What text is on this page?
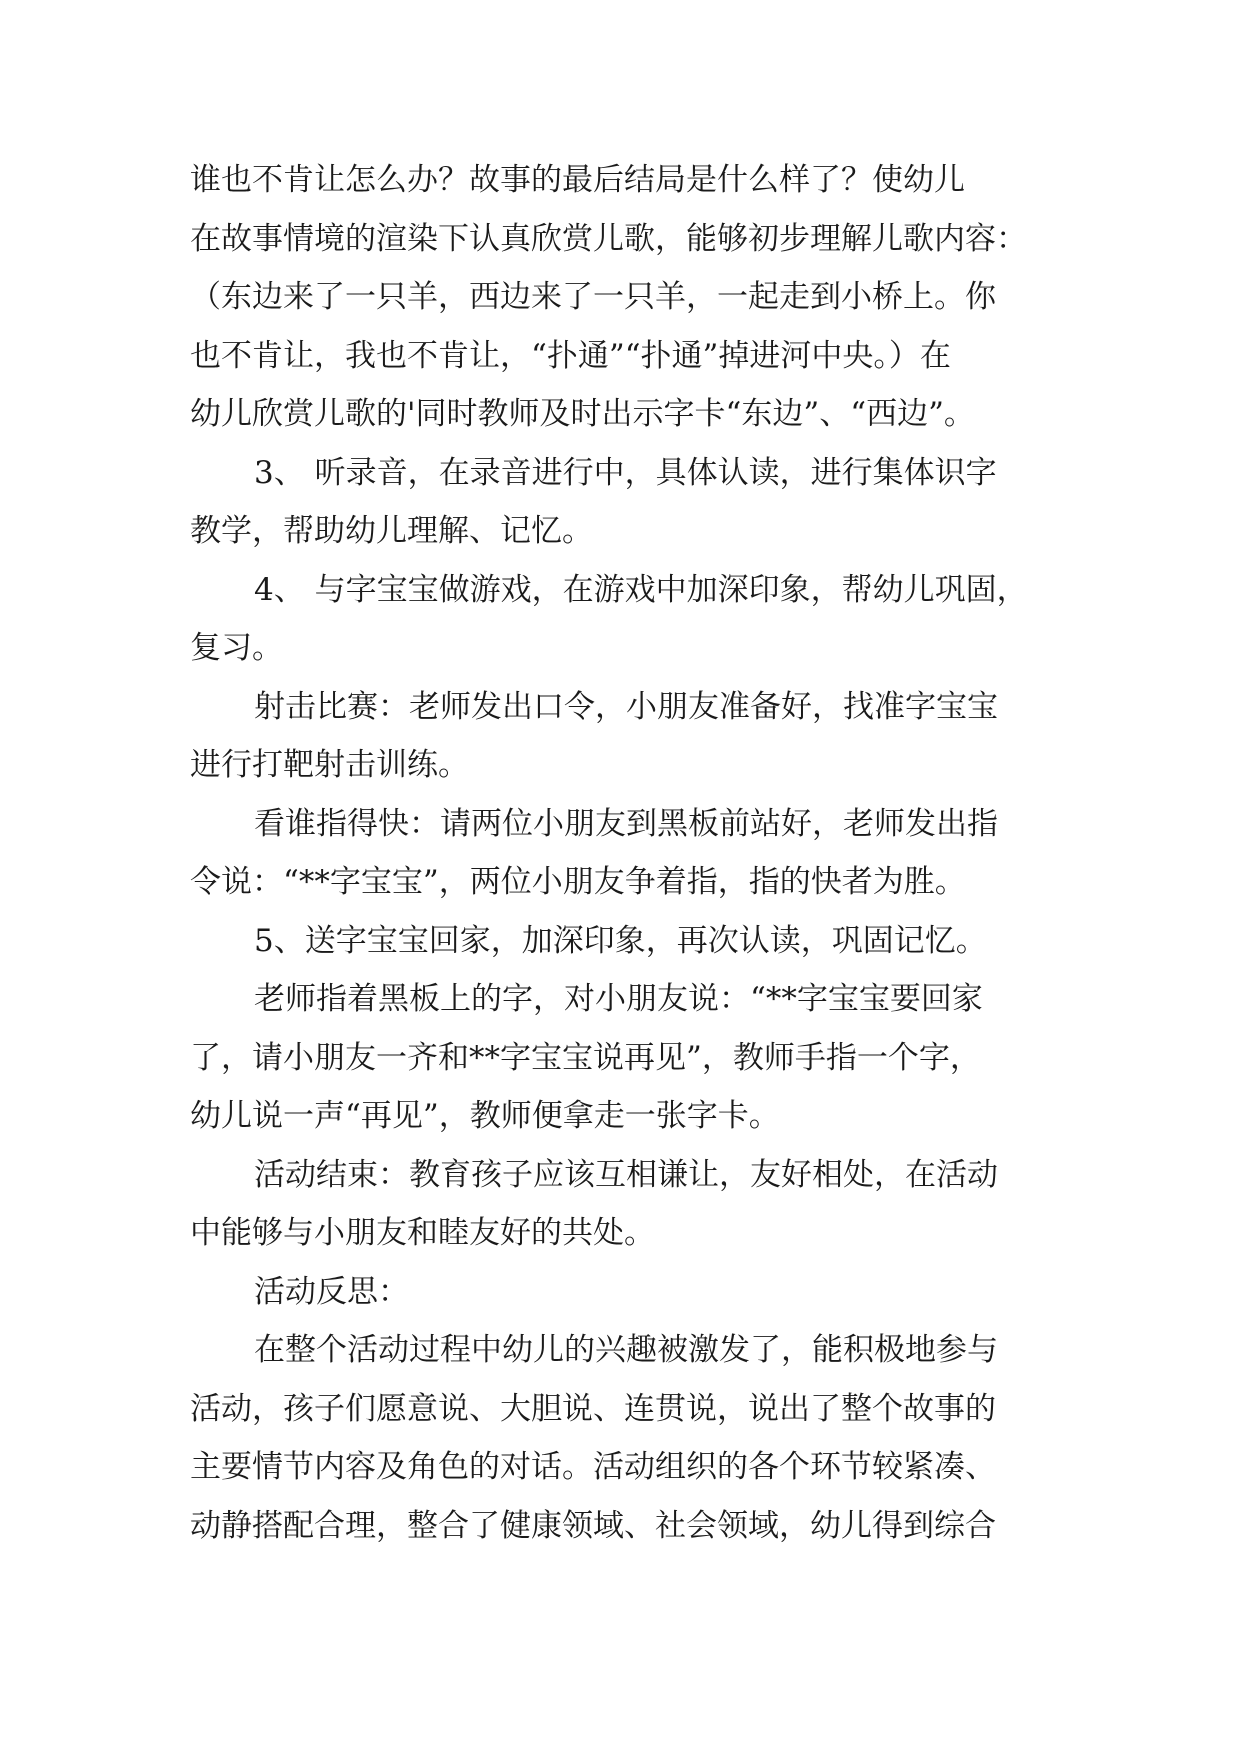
谁也不肯让怎么办？故事的最后结局是什么样了？使幼儿
在故事情境的渲染下认真欣赏儿歌，能够初步理解儿歌内容：
（东边来了一只羊，西边来了一只羊，一起走到小桥上。你
也不肯让，我也不肯让，“扑通”“扑通”掉进河中央。）在
幼儿欣赏儿歌的'同时教师及时出示字卡“东边”、“西边”。
3、 听录音，在录音进行中，具体认读，进行集体识字
教学，帮助幼儿理解、记忆。
4、 与字宝宝做游戏，在游戏中加深印象，帮幼儿巩固，
复习。
射击比赛：老师发出口令，小朋友准备好，找准字宝宝
进行打靶射击训练。
看谁指得快：请两位小朋友到黑板前站好，老师发出指
令说：“**字宝宝”，两位小朋友争着指，指的快者为胜。
5、送字宝宝回家，加深印象，再次认读，巩固记忆。
老师指着黑板上的字，对小朋友说：“**字宝宝要回家
了，请小朋友一齐和**字宝宝说再见”，教师手指一个字，
幼儿说一声“再见”，教师便拿走一张字卡。
活动结束：教育孩子应该互相谦让，友好相处，在活动
中能够与小朋友和睦友好的共处。
活动反思：
在整个活动过程中幼儿的兴趣被激发了，能积极地参与
活动，孩子们愿意说、大胆说、连贯说，说出了整个故事的
主要情节内容及角色的对话。活动组织的各个环节较紧凑、
动静搭配合理，整合了健康领域、社会领域，幼儿得到综合
